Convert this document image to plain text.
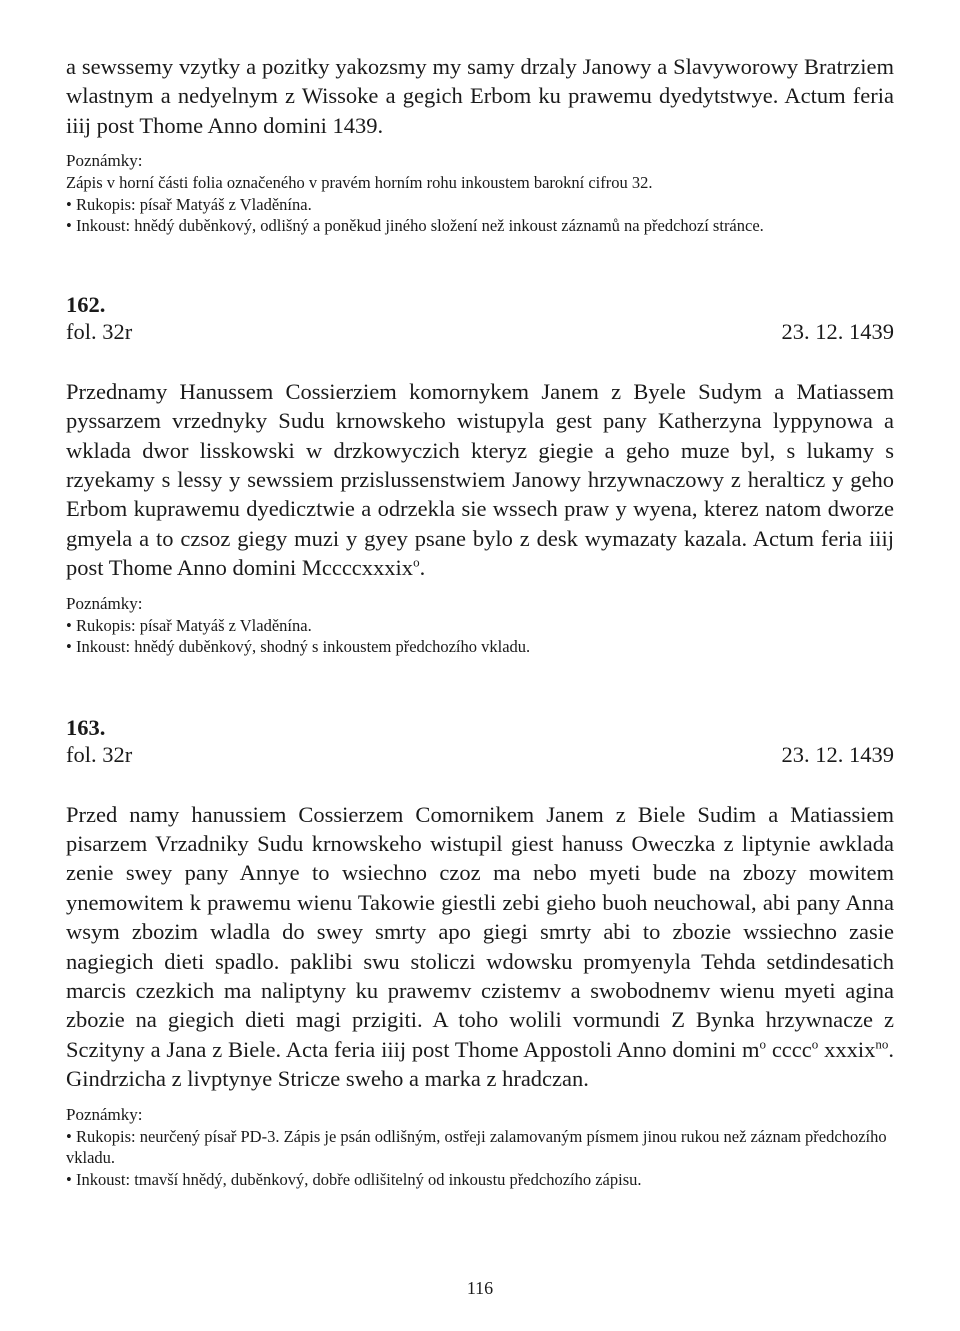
a sewssemy vzytky a pozitky yakozsmy my samy drzaly Janowy a Slavyworowy Bratrziem wlastnym a nedyelnym z Wissoke a gegich Erbom ku prawemu dyedytstwye. Actum feria iiij post Thome Anno domini 1439.

Poznámky:

Zápis v horní části folia označeného v pravém horním rohu inkoustem barokní cifrou 32.
• Rukopis: písař Matyáš z Vladěnína.
• Inkoust: hnědý duběnkový, odlišný a poněkud jiného složení než inkoust záznamů na předchozí stránce.

162.

fol. 32r	23. 12. 1439

Przednamy Hanussem Cossierziem komornykem Janem z Byele Sudym a Matiassem pyssarzem vrzednyky Sudu krnowskeho wistupyla gest pany Katherzyna lyppynowa a wklada dwor lisskowski w drzkowyczich kteryz giegie a geho muze byl, s lukamy s rzyekamy s lessy y sewssiem przislussenstwiem Janowy hrzywnaczowy z heralticz y geho Erbom kuprawemu dyedicztwie a odrzekla sie wssech praw y wyena, kterez natom dworze gmyela a to czsoz giegy muzi y gyey psane bylo z desk wymazaty kazala. Actum feria iiij post Thome Anno domini Mccccxxxix$^o$.

Poznámky:

• Rukopis: písař Matyáš z Vladěnína.
• Inkoust: hnědý duběnkový, shodný s inkoustem předchozího vkladu.

163.

fol. 32r	23. 12. 1439

Przed namy hanussiem Cossierzem Comornikem Janem z Biele Sudim a Matiassiem pisarzem Vrzadniky Sudu krnowskeho wistupil giest hanuss Oweczka z liptynie awklada zenie swey pany Annye to wsiechno czoz ma nebo myeti bude na zbozy mowitem ynemowitem k prawemu wienu Takowie giestli zebi gieho buoh neuchowal, abi pany Anna wsym zbozim wladla do swey smrty apo giegi smrty abi to zbozie wssiechno zasie nagiegich dieti spadlo. paklibi swu stoliczi wdowsku promyenyla Tehda setdindesatich marcis czezkich ma naliptyny ku prawemv czistemv a swobodnemv wienu myeti agina zbozie na giegich dieti magi przigiti. A toho wolili vormundi Z Bynka hrzywnacze z Sczityny a Jana z Biele. Acta feria iiij post Thome Appostoli Anno domini $m^o$ cccc$^o$ xxxix$^{no}$. Gindrzicha z livptynye Stricze sweho a marka z hradczan.

Poznámky:

• Rukopis: neurčený písař PD-3. Zápis je psán odlišným, ostřeji zalamovaným písmem jinou rukou než záznam předchozího vkladu.
• Inkoust: tmavší hnědý, duběnkový, dobře odlišitelný od inkoustu předchozího zápisu.
116
